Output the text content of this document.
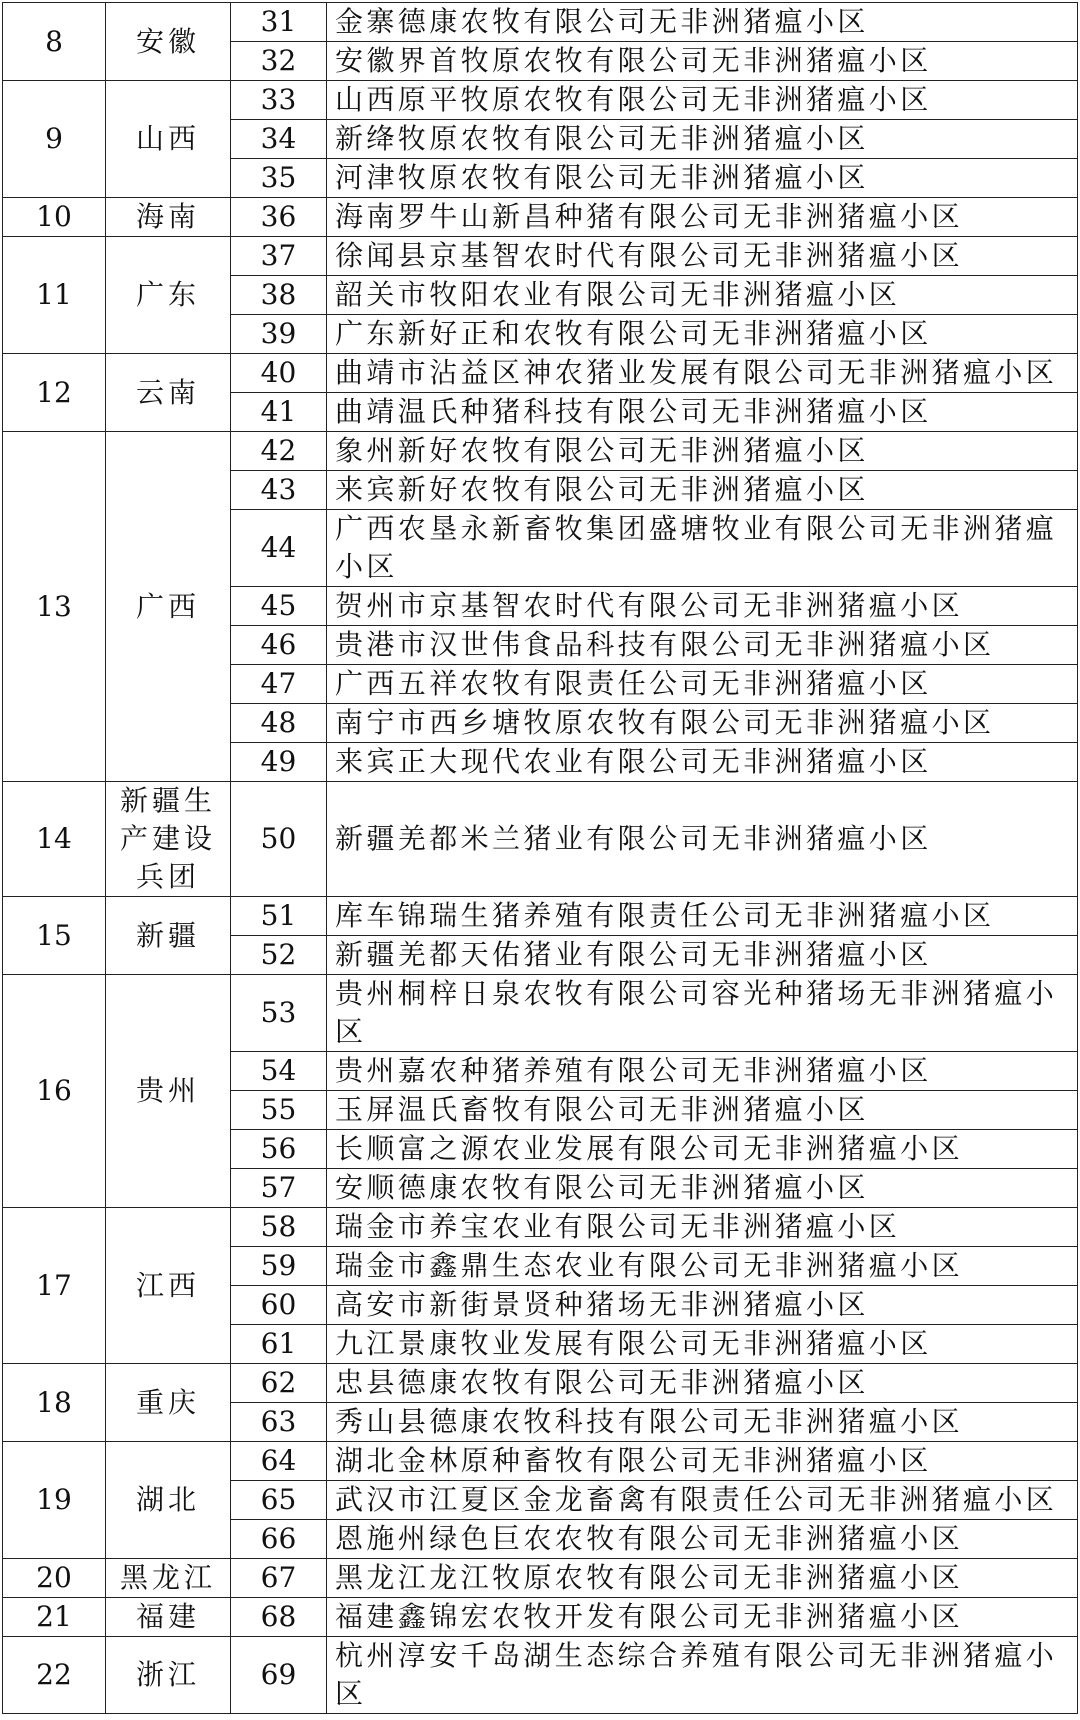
8	安徽	31	金寨德康农牧有限公司无非洲猪瘟小区
		32	安徽界首牧原农牧有限公司无非洲猪瘟小区
9	山西	33	山西原平牧原农牧有限公司无非洲猪瘟小区
		34	新绛牧原农牧有限公司无非洲猪瘟小区
		35	河津牧原农牧有限公司无非洲猪瘟小区
10	海南	36	海南罗牛山新昌种猪有限公司无非洲猪瘟小区
11	广东	37	徐闻县京基智农时代有限公司无非洲猪瘟小区
		38	韶关市牧阳农业有限公司无非洲猪瘟小区
		39	广东新好正和农牧有限公司无非洲猪瘟小区
12	云南	40	曲靖市沾益区神农猪业发展有限公司无非洲猪瘟小区
		41	曲靖温氏种猪科技有限公司无非洲猪瘟小区
13	广西	42	象州新好农牧有限公司无非洲猪瘟小区
		43	来宾新好农牧有限公司无非洲猪瘟小区
		44	广西农垦永新畜牧集团盛塘牧业有限公司无非洲猪瘟小区
		45	贺州市京基智农时代有限公司无非洲猪瘟小区
		46	贵港市汉世伟食品科技有限公司无非洲猪瘟小区
		47	广西五祥农牧有限责任公司无非洲猪瘟小区
		48	南宁市西乡塘牧原农牧有限公司无非洲猪瘟小区
		49	来宾正大现代农业有限公司无非洲猪瘟小区
14	新疆生产建设兵团	50	新疆羌都米兰猪业有限公司无非洲猪瘟小区
15	新疆	51	库车锦瑞生猪养殖有限责任公司无非洲猪瘟小区
		52	新疆羌都天佑猪业有限公司无非洲猪瘟小区
16	贵州	53	贵州桐梓日泉农牧有限公司容光种猪场无非洲猪瘟小区
		54	贵州嘉农种猪养殖有限公司无非洲猪瘟小区
		55	玉屏温氏畜牧有限公司无非洲猪瘟小区
		56	长顺富之源农业发展有限公司无非洲猪瘟小区
		57	安顺德康农牧有限公司无非洲猪瘟小区
17	江西	58	瑞金市养宝农业有限公司无非洲猪瘟小区
		59	瑞金市鑫鼎生态农业有限公司无非洲猪瘟小区
		60	高安市新街景贤种猪场无非洲猪瘟小区
		61	九江景康牧业发展有限公司无非洲猪瘟小区
18	重庆	62	忠县德康农牧有限公司无非洲猪瘟小区
		63	秀山县德康农牧科技有限公司无非洲猪瘟小区
19	湖北	64	湖北金林原种畜牧有限公司无非洲猪瘟小区
		65	武汉市江夏区金龙畜禽有限责任公司无非洲猪瘟小区
		66	恩施州绿色巨农农牧有限公司无非洲猪瘟小区
20	黑龙江	67	黑龙江龙江牧原农牧有限公司无非洲猪瘟小区
21	福建	68	福建鑫锦宏农牧开发有限公司无非洲猪瘟小区
22	浙江	69	杭州淳安千岛湖生态综合养殖有限公司无非洲猪瘟小区
